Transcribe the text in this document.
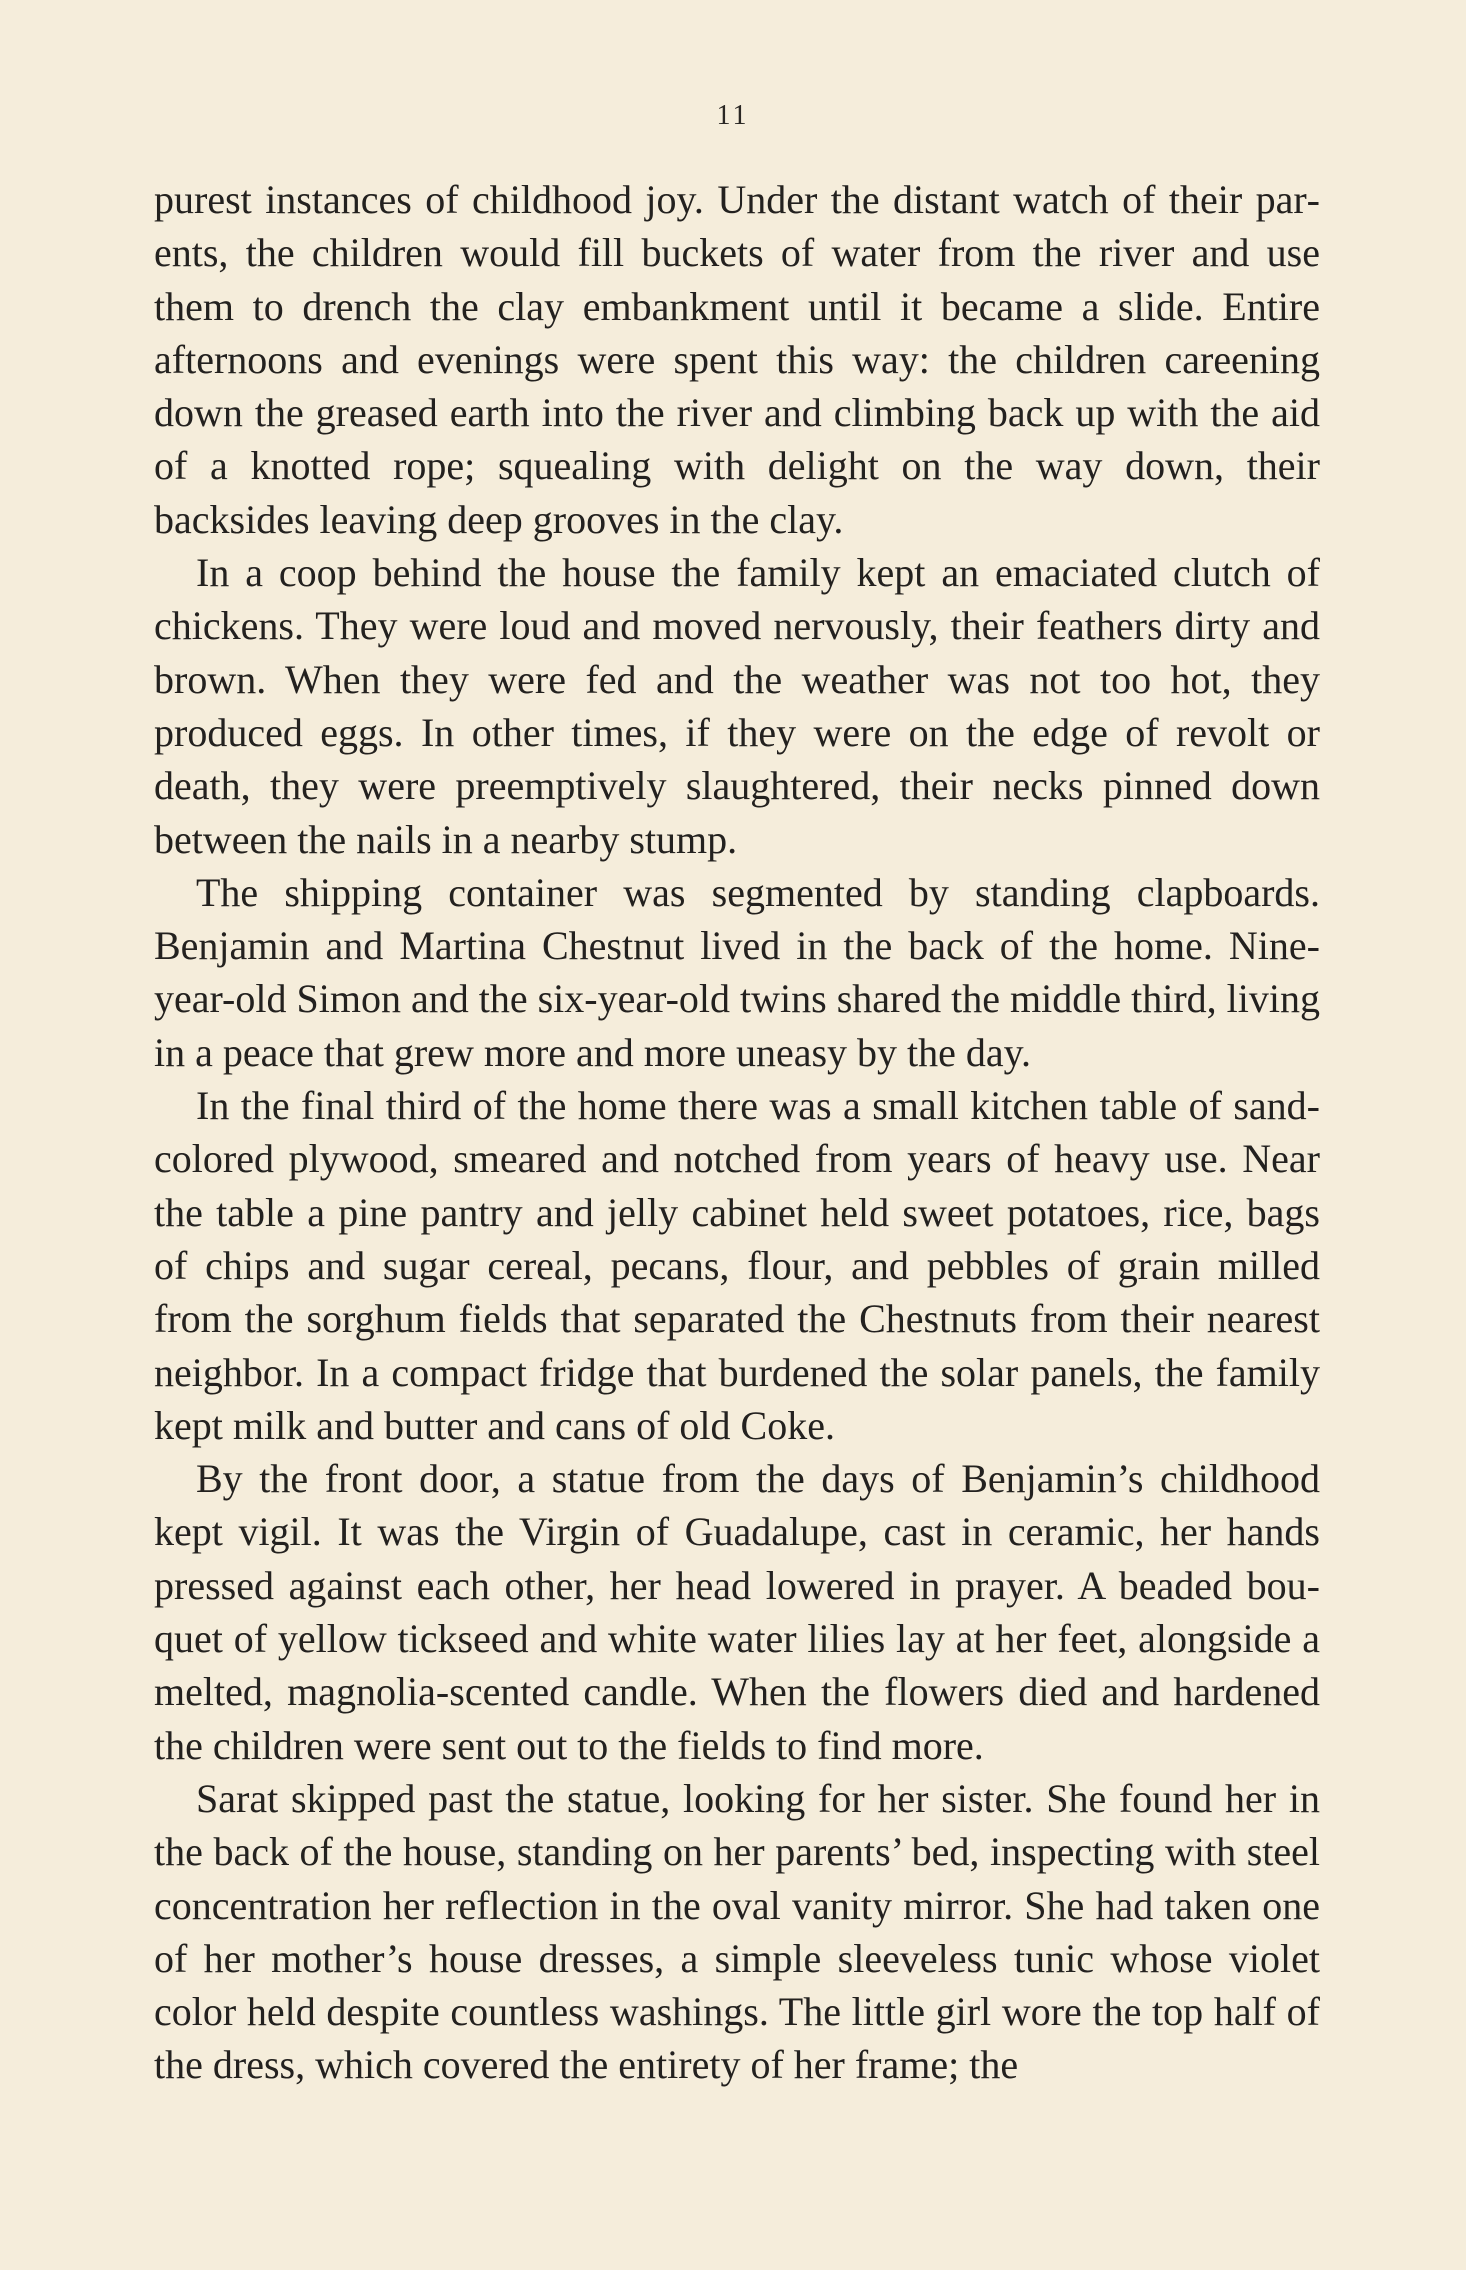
11

purest instances of childhood joy. Under the distant watch of their parents, the children would fill buckets of water from the river and use them to drench the clay embankment until it became a slide. Entire afternoons and evenings were spent this way: the children careening down the greased earth into the river and climbing back up with the aid of a knotted rope; squealing with delight on the way down, their backsides leaving deep grooves in the clay.

In a coop behind the house the family kept an emaciated clutch of chickens. They were loud and moved nervously, their feathers dirty and brown. When they were fed and the weather was not too hot, they produced eggs. In other times, if they were on the edge of revolt or death, they were preemptively slaughtered, their necks pinned down between the nails in a nearby stump.

The shipping container was segmented by standing clapboards. Benjamin and Martina Chestnut lived in the back of the home. Nine-year-old Simon and the six-year-old twins shared the middle third, living in a peace that grew more and more uneasy by the day.

In the final third of the home there was a small kitchen table of sand-colored plywood, smeared and notched from years of heavy use. Near the table a pine pantry and jelly cabinet held sweet potatoes, rice, bags of chips and sugar cereal, pecans, flour, and pebbles of grain milled from the sorghum fields that separated the Chestnuts from their nearest neighbor. In a compact fridge that burdened the solar panels, the family kept milk and butter and cans of old Coke.

By the front door, a statue from the days of Benjamin’s childhood kept vigil. It was the Virgin of Guadalupe, cast in ceramic, her hands pressed against each other, her head lowered in prayer. A beaded bouquet of yellow tickseed and white water lilies lay at her feet, alongside a melted, magnolia-scented candle. When the flowers died and hardened the children were sent out to the fields to find more.

Sarat skipped past the statue, looking for her sister. She found her in the back of the house, standing on her parents’ bed, inspecting with steel concentration her reflection in the oval vanity mirror. She had taken one of her mother’s house dresses, a simple sleeveless tunic whose violet color held despite countless washings. The little girl wore the top half of the dress, which covered the entirety of her frame; the
